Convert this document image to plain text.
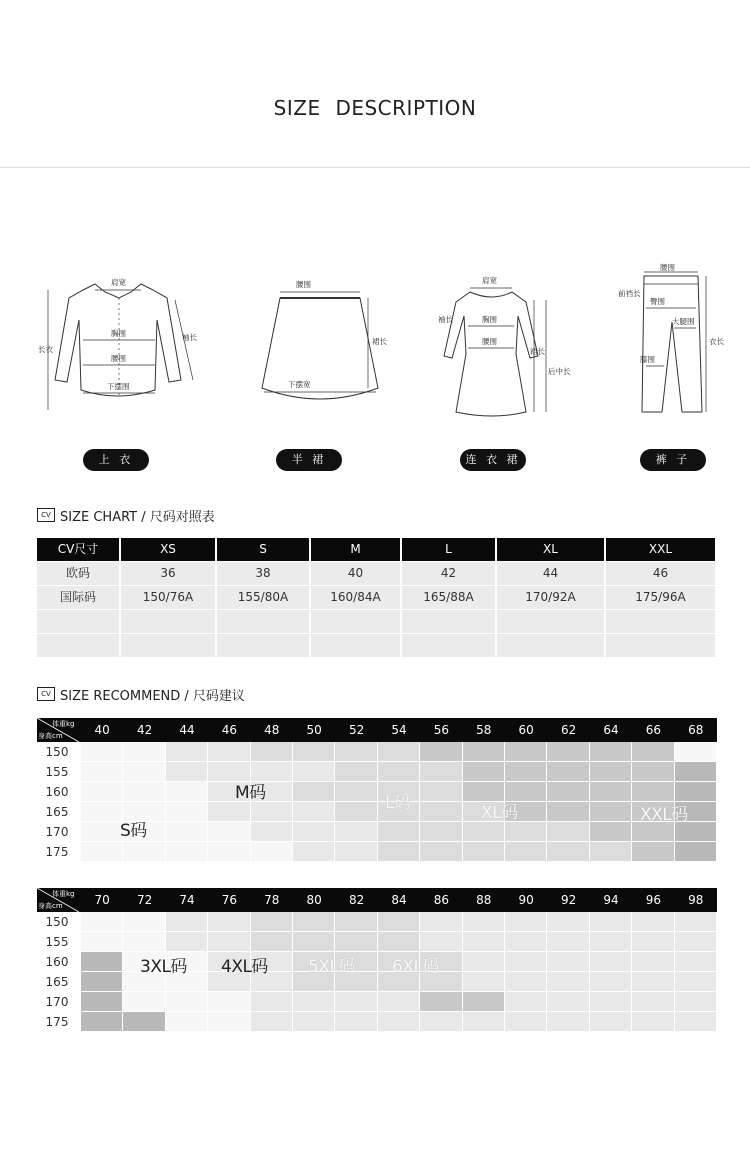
SIZE DESCRIPTION
肩宽
长衣
袖长
胸围
腰围
下摆围
上 衣
腰围
裙长
下摆宽
半 裙
肩宽
袖长	胸围
腰围
裙长
后中长
连 衣 裙
腰围
前裆长
臀围
大腿围
衣长
膝围
裤 子
CV SIZE CHART / 尺码对照表
CV尺寸	XS	S	M	L	XL	XXL
欧码	36	38	40	42	44	46
国际码	150/76A	155/80A	160/84A	165/88A	170/92A	175/96A
CV SIZE RECOMMEND / 尺码建议
体重kg
身高cm	40	42	44	46	48	50	52	54	56	58	60	62	64	66	68
150
155
160
165
170
175
S码
M码	L码	XL码	XXL码
体重kg
身高cm	70	72	74	76	78	80	82	84	86	88	90	92	94	96	98
150
155
160
165
170
175
3XL码 4XL码 5XL码 6XL码
